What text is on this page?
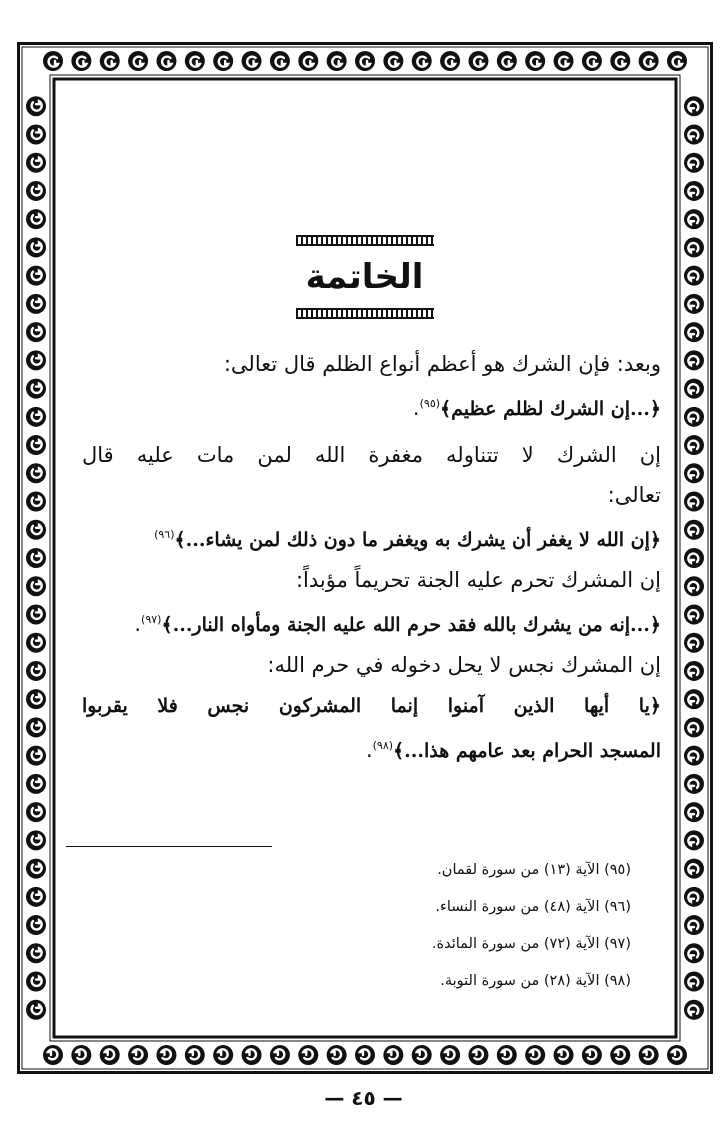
الخاتمة
وبعد: فإن الشرك هو أعظم أنواع الظلم قال تعالى:
﴿...إن الشرك لظلم عظيم﴾$^{(٩٥)}$.
إن الشرك لا تتناوله مغفرة الله لمن مات عليه قال
تعالى:
﴿إن الله لا يغفر أن يشرك به ويغفر ما دون ذلك لمن يشاء...﴾$^{(٩٦)}$
إن المشرك تحرم عليه الجنة تحريماً مؤبداً:
﴿...إنه من يشرك بالله فقد حرم الله عليه الجنة ومأواه النار...﴾$^{(٩٧)}$.
إن المشرك نجس لا يحل دخوله في حرم الله:
﴿يا أيها الذين آمنوا إنما المشركون نجس فلا يقربوا
المسجد الحرام بعد عامهم هذا...﴾$^{(٩٨)}$.
(٩٥) الآية (١٣) من سورة لقمان.
(٩٦) الآية (٤٨) من سورة النساء.
(٩٧) الآية (٧٢) من سورة المائدة.
(٩٨) الآية (٢٨) من سورة التوبة.
— ٤٥ —
